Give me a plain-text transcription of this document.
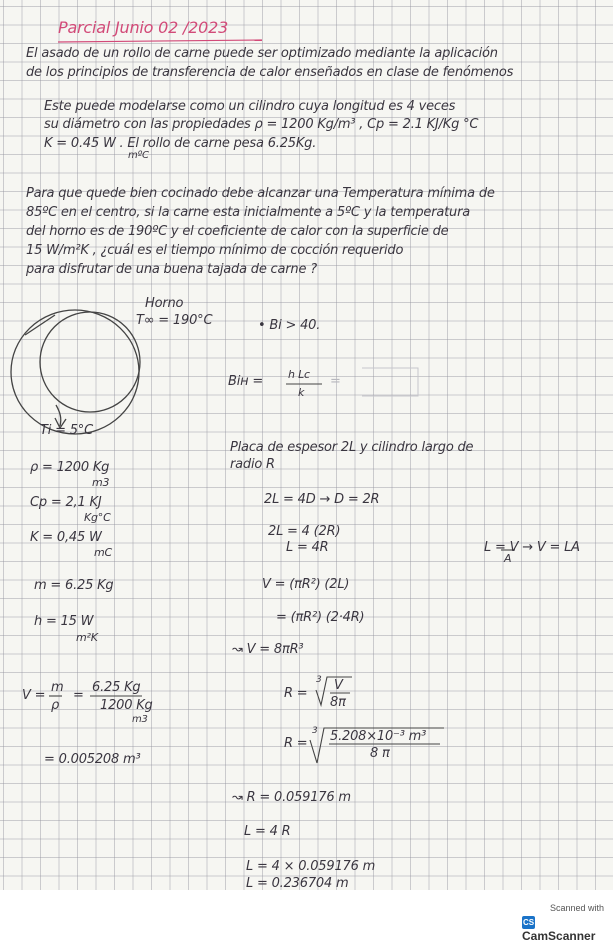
Parcial Junio 02 /2023
El asado de un rollo de carne puede ser optimizado mediante la aplicación
de los principios de transferencia de calor enseñados en clase de fenómenos
Este puede modelarse como un cilindro cuya longitud es 4 veces
su diámetro con las propiedades ρ = 1200 Kg/m³ , Cp = 2.1 KJ/Kg °C
K = 0.45 W . El rollo de carne pesa 6.25Kg.
mºC
Para que quede bien cocinado debe alcanzar una Temperatura mínima de
85ºC en el centro, si la carne esta inicialmente a 5ºC y la temperatura
del horno es de 190ºC y el coeficiente de calor con la superficie de
15 W/m²K , ¿cuál es el tiempo mínimo de cocción requerido
para disfrutar de una buena tajada de carne ?
Horno
T∞ = 190°C
Ti = 5°C
ρ = 1200 Kg
m3
Cp = 2,1 KJ
Kg°C
K = 0,45 W
mC
m = 6.25 Kg
h = 15 W
m²K
V =
m
ρ
=
6.25 Kg
1200 Kg
m3
= 0.005208 m³
• Bi > 40.
Biн = h Lc
k
=
Placa de espesor 2L y cilindro largo de
radio R
2L = 4D → D = 2R
2L = 4 (2R)
L = 4R	L = V → V = LA
A
V = (πR²) (2L)
= (πR²) (2·4R)
↝ V = 8πR³
R =
3 V
8π
R =
3 5.208×10⁻³ m³
8 π
↝ R = 0.059176 m
L = 4 R
L = 4 × 0.059176 m
L = 0.236704 m
Scanned with
CSCamScanner
